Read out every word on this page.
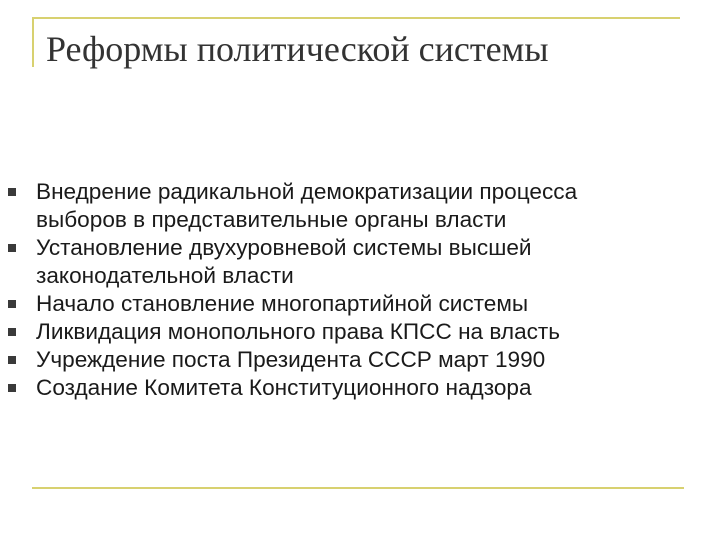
Реформы политической системы
Внедрение радикальной демократизации процесса
выборов в представительные органы власти
Установление двухуровневой системы высшей
законодательной власти
Начало становление многопартийной системы
Ликвидация монопольного права КПСС на власть
Учреждение поста Президента СССР март 1990
Создание Комитета Конституционного надзора
